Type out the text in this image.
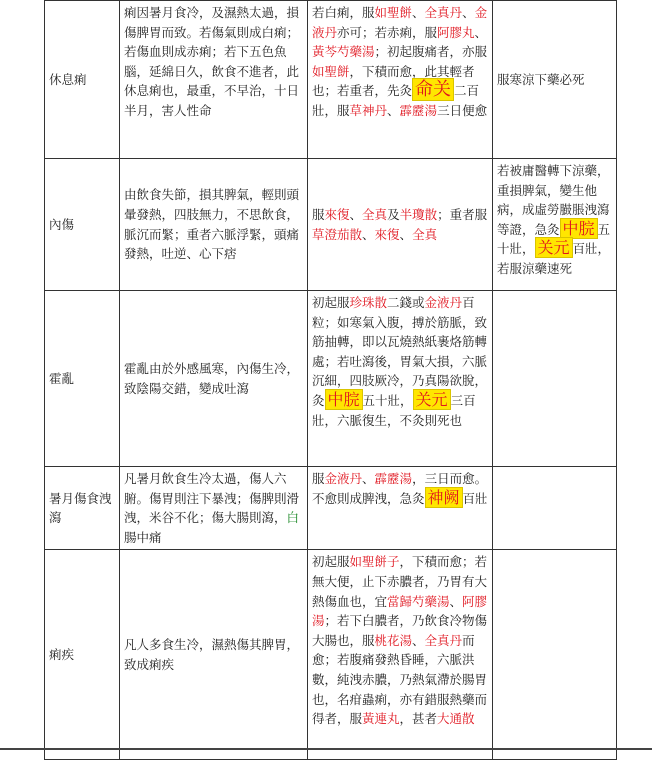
休息痢	痢因暑月食冷，及濕熱太過，損傷脾胃而致。若傷氣則成白痢；若傷血則成赤痢；若下五色魚腦，延綿日久，飲食不進者，此休息痢也，最重，不早治，十日半月，害人性命	若白痢，服如聖餅、全真丹、金液丹亦可；若赤痢，服阿膠丸、黃芩芍藥湯；初起腹痛者，亦服如聖餅，下積而愈，此其輕者也；若重者，先灸 命关 二百壯，服草神丹、霹靂湯三日便愈	服寒涼下藥必死
內傷	由飲食失節，損其脾氣，輕則頭暈發熱，四肢無力，不思飲食，脈沉而緊；重者六脈浮緊，頭痛發熱，吐逆、心下痞	服來復、全真及半瓊散；重者服草澄茄散、來復、全真	若被庸醫轉下涼藥，重損脾氣，變生他病，成虛勞臌脹洩瀉等證，急灸 中脘 五十壯， 关元 百壯，若服涼藥速死
霍亂	霍亂由於外感風寒，內傷生冷，致陰陽交錯，變成吐瀉	初起服珍珠散二錢或金液丹百粒；如寒氣入腹，搏於筋脈，致筋抽轉，即以瓦燒熱紙裹烙筋轉處；若吐瀉後，胃氣大損，六脈沉細，四肢厥冷，乃真陽欲脫，灸 中脘 五十壯， 关元 三百壯，六脈復生，不灸則死也	
暑月傷食洩瀉	凡暑月飲食生冷太過，傷人六腑。傷胃則注下暴洩；傷脾則滑洩，米谷不化；傷大腸則瀉，白腸中痛	服金液丹、霹靂湯，三日而愈。不愈則成脾洩，急灸 神阙 百壯	
痢疾	凡人多食生冷，濕熱傷其脾胃，致成痢疾	初起服如聖餅子，下積而愈；若無大便，止下赤膿者，乃胃有大熱傷血也，宜當歸芍藥湯、阿膠湯；若下白膿者，乃飲食冷物傷大腸也，服桃花湯、全真丹而愈；若腹痛發熱昏睡，六脈洪數，純洩赤膿，乃熱氣滯於腸胃也，名疳蟲痢，亦有錯服熱藥而得者，服黃連丸，甚者大通散	
